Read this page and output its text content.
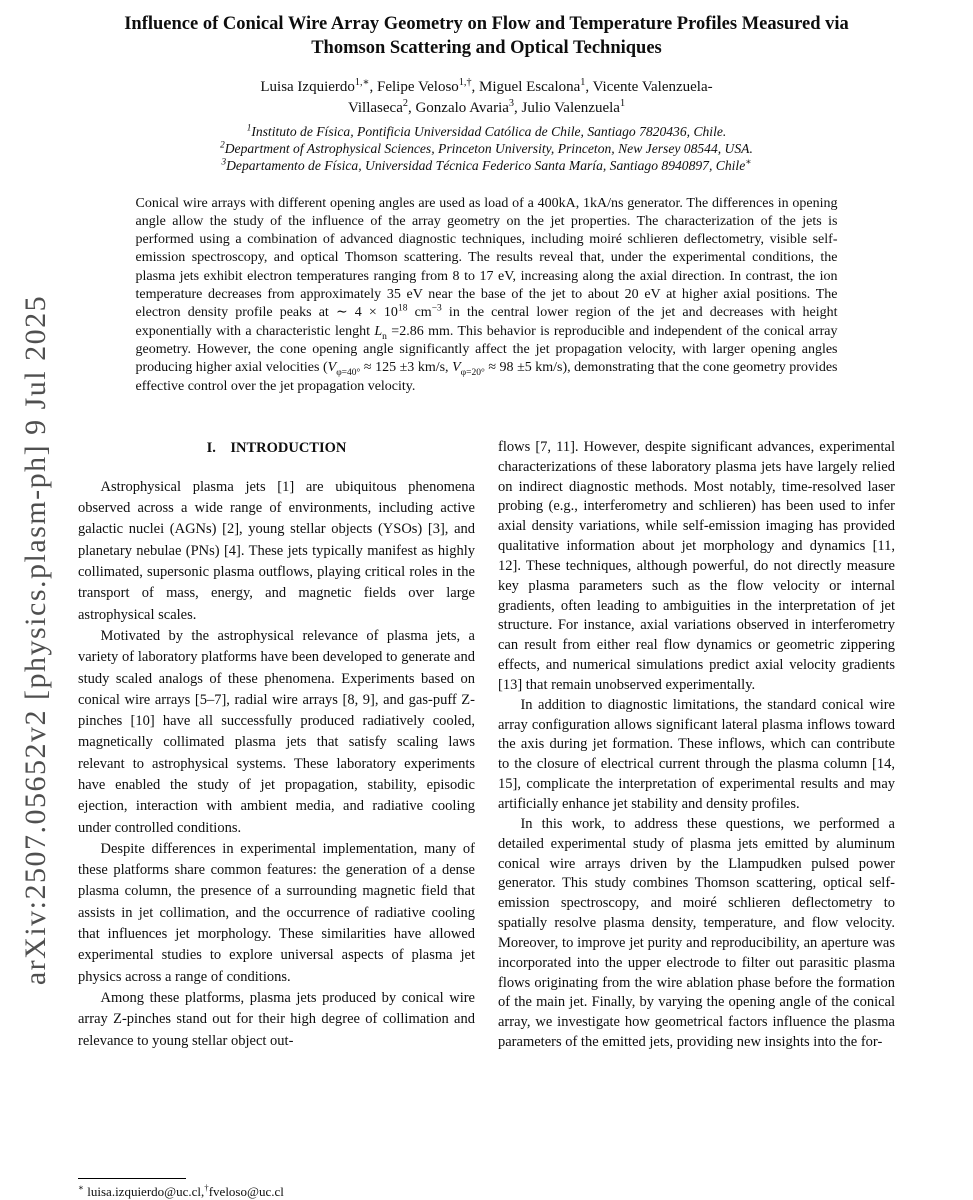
arXiv:2507.05652v2 [physics.plasm-ph] 9 Jul 2025
Influence of Conical Wire Array Geometry on Flow and Temperature Profiles Measured via Thomson Scattering and Optical Techniques
Luisa Izquierdo$^{1,∗}$, Felipe Veloso$^{1,\dagger}$, Miguel Escalona$^1$, Vicente Valenzuela-Villaseca$^2$, Gonzalo Avaria$^3$, Julio Valenzuela$^1$
$^1$Instituto de Física, Pontificia Universidad Católica de Chile, Santiago 7820436, Chile.
$^2$Department of Astrophysical Sciences, Princeton University, Princeton, New Jersey 08544, USA.
$^3$Departamento de Física, Universidad Técnica Federico Santa María, Santiago 8940897, Chile∗
Conical wire arrays with different opening angles are used as load of a 400kA, 1kA/ns generator. The differences in opening angle allow the study of the influence of the array geometry on the jet properties. The characterization of the jets is performed using a combination of advanced diagnostic techniques, including moiré schlieren deflectometry, visible self-emission spectroscopy, and optical Thomson scattering. The results reveal that, under the experimental conditions, the plasma jets exhibit electron temperatures ranging from 8 to 17 eV, increasing along the axial direction. In contrast, the ion temperature decreases from approximately 35 eV near the base of the jet to about 20 eV at higher axial positions. The electron density profile peaks at ∼ $4 \times 10^{18}$ $cm^{-3}$ in the central lower region of the jet and decreases with height exponentially with a characteristic lenght $L_n =2.86$ mm. This behavior is reproducible and independent of the conical array geometry. However, the cone opening angle significantly affect the jet propagation velocity, with larger opening angles producing higher axial velocities ($V_{\varphi=40^\circ} \approx 125 \pm 3$ km/s, $V_{\varphi=20^\circ} \approx 98 \pm 5$ km/s), demonstrating that the cone geometry provides effective control over the jet propagation velocity.
I. INTRODUCTION

Astrophysical plasma jets [1] are ubiquitous phenomena observed across a wide range of environments, including active galactic nuclei (AGNs) [2], young stellar objects (YSOs) [3], and planetary nebulae (PNs) [4]. These jets typically manifest as highly collimated, supersonic plasma outflows, playing critical roles in the transport of mass, energy, and magnetic fields over large astrophysical scales.

Motivated by the astrophysical relevance of plasma jets, a variety of laboratory platforms have been developed to generate and study scaled analogs of these phenomena. Experiments based on conical wire arrays [5–7], radial wire arrays [8, 9], and gas-puff Z-pinches [10] have all successfully produced radiatively cooled, magnetically collimated plasma jets that satisfy scaling laws relevant to astrophysical systems. These laboratory experiments have enabled the study of jet propagation, stability, episodic ejection, interaction with ambient media, and radiative cooling under controlled conditions.

Despite differences in experimental implementation, many of these platforms share common features: the generation of a dense plasma column, the presence of a surrounding magnetic field that assists in jet collimation, and the occurrence of radiative cooling that influences jet morphology. These similarities have allowed experimental studies to explore universal aspects of plasma jet physics across a range of conditions.

Among these platforms, plasma jets produced by conical wire array Z-pinches stand out for their high degree of collimation and relevance to young stellar object out-

flows [7, 11]. However, despite significant advances, experimental characterizations of these laboratory plasma jets have largely relied on indirect diagnostic methods. Most notably, time-resolved laser probing (e.g., interferometry and schlieren) has been used to infer axial density variations, while self-emission imaging has provided qualitative information about jet morphology and dynamics [11, 12]. These techniques, although powerful, do not directly measure key plasma parameters such as the flow velocity or internal gradients, often leading to ambiguities in the interpretation of jet structure. For instance, axial variations observed in interferometry can result from either real flow dynamics or geometric zippering effects, and numerical simulations predict axial velocity gradients [13] that remain unobserved experimentally.

In addition to diagnostic limitations, the standard conical wire array configuration allows significant lateral plasma inflows toward the axis during jet formation. These inflows, which can contribute to the closure of electrical current through the plasma column [14, 15], complicate the interpretation of experimental results and may artificially enhance jet stability and density profiles.

In this work, to address these questions, we performed a detailed experimental study of plasma jets emitted by aluminum conical wire arrays driven by the Llampudken pulsed power generator. This study combines Thomson scattering, optical self-emission spectroscopy, and moiré schlieren deflectometry to spatially resolve plasma density, temperature, and flow velocity. Moreover, to improve jet purity and reproducibility, an aperture was incorporated into the upper electrode to filter out parasitic plasma flows originating from the wire ablation phase before the formation of the main jet. Finally, by varying the opening angle of the conical array, we investigate how geometrical factors influence the plasma parameters of the emitted jets, providing new insights into the for-

∗ luisa.izquierdo@uc.cl,†fveloso@uc.cl
